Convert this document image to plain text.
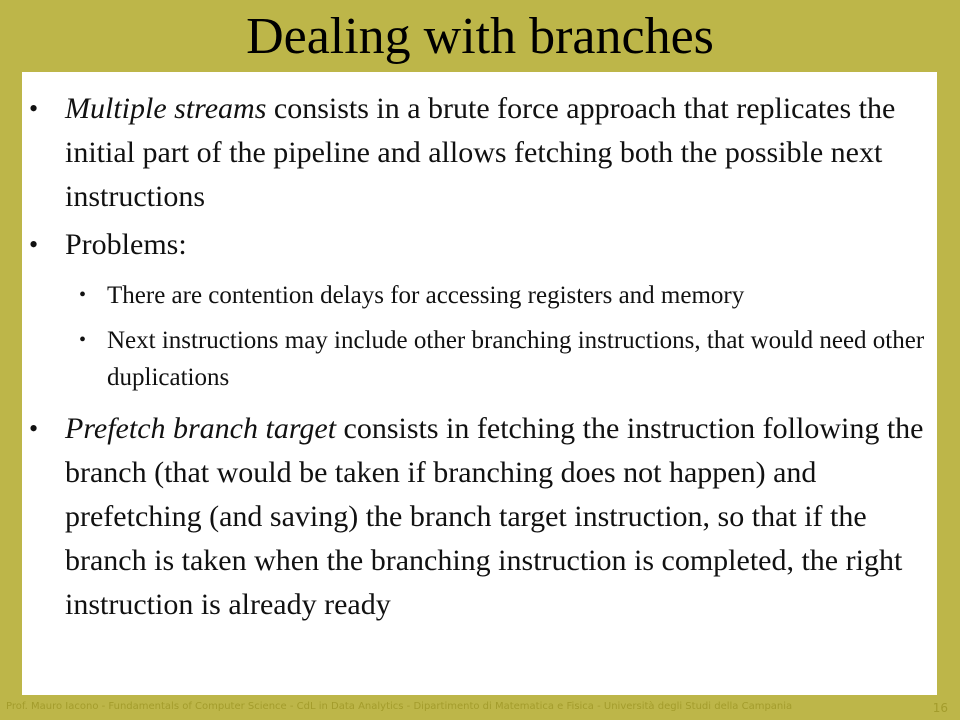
Dealing with branches
• Multiple streams consists in a brute force approach that replicates the initial part of the pipeline and allows fetching both the possible next instructions
• Problems:
• There are contention delays for accessing registers and memory
• Next instructions may include other branching instructions, that would need other duplications
• Prefetch branch target consists in fetching the instruction following the branch (that would be taken if branching does not happen) and prefetching (and saving) the branch target instruction, so that if the branch is taken when the branching instruction is completed, the right instruction is already ready
Prof. Mauro Iacono - Fundamentals of Computer Science - CdL in Data Analytics - Dipartimento di Matematica e Fisica - Università degli Studi della Campania	16
